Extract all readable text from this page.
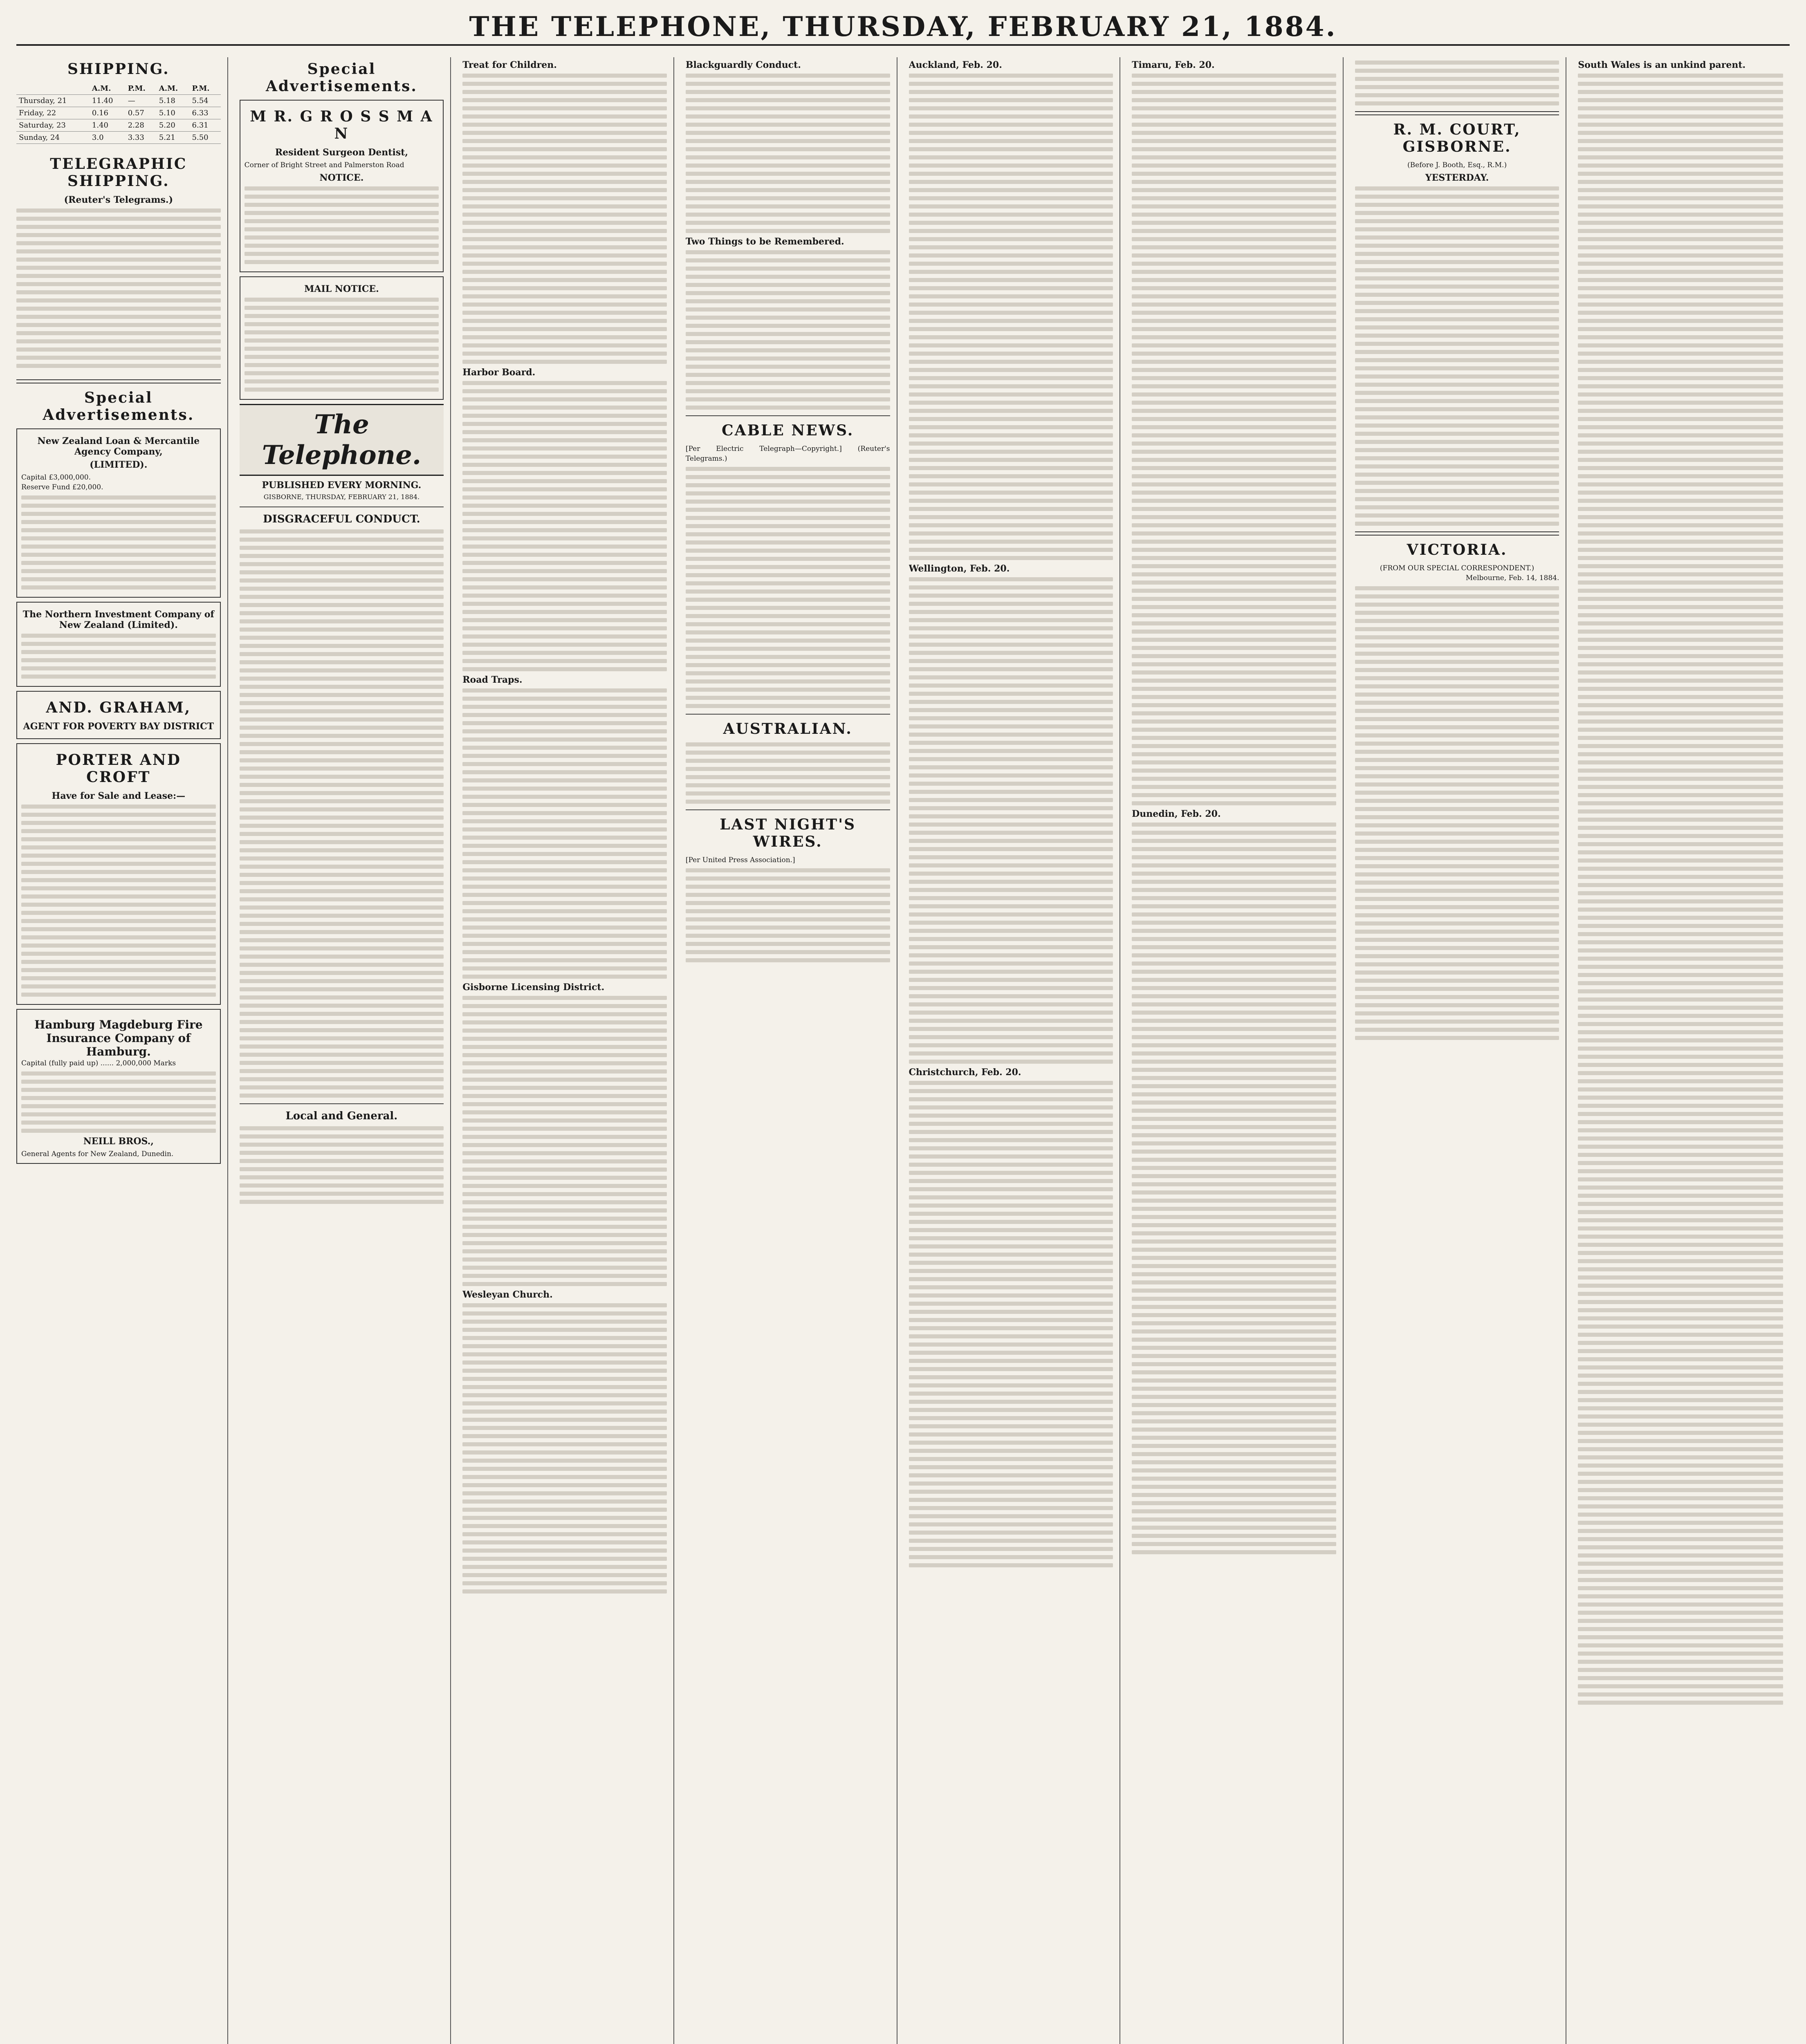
THE TELEPHONE, THURSDAY, FEBRUARY 21, 1884.
SHIPPING.
	A.M.	P.M.	A.M.	P.M.
Thursday, 21	11.40	—	5.18	5.54
Friday, 22	0.16	0.57	5.10	6.33
Saturday, 23	1.40	2.28	5.20	6.31
Sunday, 24	3.0	3.33	5.21	5.50
TELEGRAPHIC SHIPPING.
(Reuter's Telegrams.)
Special Advertisements.
New Zealand Loan & Mercantile Agency Company,
(LIMITED).
Capital £3,000,000.
Reserve Fund £20,000.
The Northern Investment Company of New Zealand (Limited).
AND. GRAHAM,
AGENT FOR POVERTY BAY DISTRICT
PORTER AND CROFT
Have for Sale and Lease:—
Hamburg Magdeburg Fire Insurance Company of Hamburg.
Capital (fully paid up) ...... 2,000,000 Marks
NEILL BROS.,
General Agents for New Zealand, Dunedin.
Special Advertisements.
M R. G R O S S M A N
Resident Surgeon Dentist,
Corner of Bright Street and Palmerston Road
NOTICE.
MAIL NOTICE.
The Telephone.
PUBLISHED EVERY MORNING.
GISBORNE, THURSDAY, FEBRUARY 21, 1884.
DISGRACEFUL CONDUCT.
Local and General.
Treat for Children.
Harbor Board.
Road Traps.
Gisborne Licensing District.
Wesleyan Church.
Blackguardly Conduct.
Two Things to be Remembered.
CABLE NEWS.
[Per Electric Telegraph—Copyright.] (Reuter's Telegrams.)
AUSTRALIAN.
LAST NIGHT'S WIRES.
[Per United Press Association.]
Auckland, Feb. 20.
Wellington, Feb. 20.
Christchurch, Feb. 20.
Timaru, Feb. 20.
Dunedin, Feb. 20.
R. M. COURT, GISBORNE.
(Before J. Booth, Esq., R.M.)
YESTERDAY.
VICTORIA.
(FROM OUR SPECIAL CORRESPONDENT.)
Melbourne, Feb. 14, 1884.
South Wales is an unkind parent.
